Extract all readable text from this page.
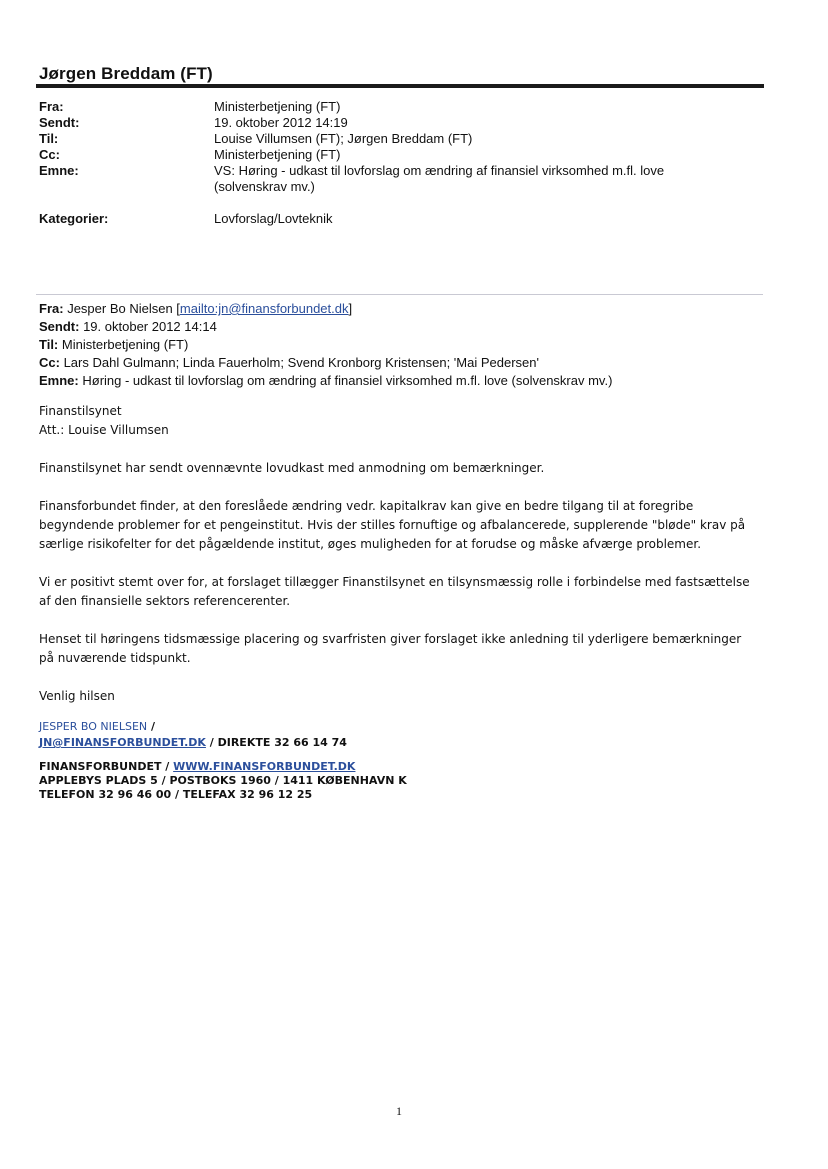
Jørgen Breddam (FT)
Fra:	Ministerbetjening (FT)
Sendt:	19. oktober 2012 14:19
Til:	Louise Villumsen (FT); Jørgen Breddam (FT)
Cc:	Ministerbetjening (FT)
Emne:	VS: Høring - udkast til lovforslag om ændring af finansiel virksomhed m.fl. love (solvenskrav mv.)
Kategorier:	Lovforslag/Lovteknik
Fra: Jesper Bo Nielsen [mailto:jn@finansforbundet.dk]
Sendt: 19. oktober 2012 14:14
Til: Ministerbetjening (FT)
Cc: Lars Dahl Gulmann; Linda Fauerholm; Svend Kronborg Kristensen; 'Mai Pedersen'
Emne: Høring - udkast til lovforslag om ændring af finansiel virksomhed m.fl. love (solvenskrav mv.)

Finanstilsynet

Att.: Louise Villumsen

Finanstilsynet har sendt ovennævnte lovudkast med anmodning om bemærkninger.

Finansforbundet finder, at den foreslåede ændring vedr. kapitalkrav kan give en bedre tilgang til at foregribe begyndende problemer for et pengeinstitut. Hvis der stilles fornuftige og afbalancerede, supplerende "bløde" krav på særlige risikofelter for det pågældende institut, øges muligheden for at forudse og måske afværge problemer.

Vi er positivt stemt over for, at forslaget tillægger Finanstilsynet en tilsynsmæssig rolle i forbindelse med fastsættelse af den finansielle sektors referencerenter.

Henset til høringens tidsmæssige placering og svarfristen giver forslaget ikke anledning til yderligere bemærkninger på nuværende tidspunkt.

Venlig hilsen

JESPER BO NIELSEN /
JN@FINANSFORBUNDET.DK / DIREKTE 32 66 14 74
FINANSFORBUNDET / WWW.FINANSFORBUNDET.DK
APPLEBYS PLADS 5 / POSTBOKS 1960 / 1411 KØBENHAVN K
TELEFON 32 96 46 00 / TELEFAX 32 96 12 25
1
